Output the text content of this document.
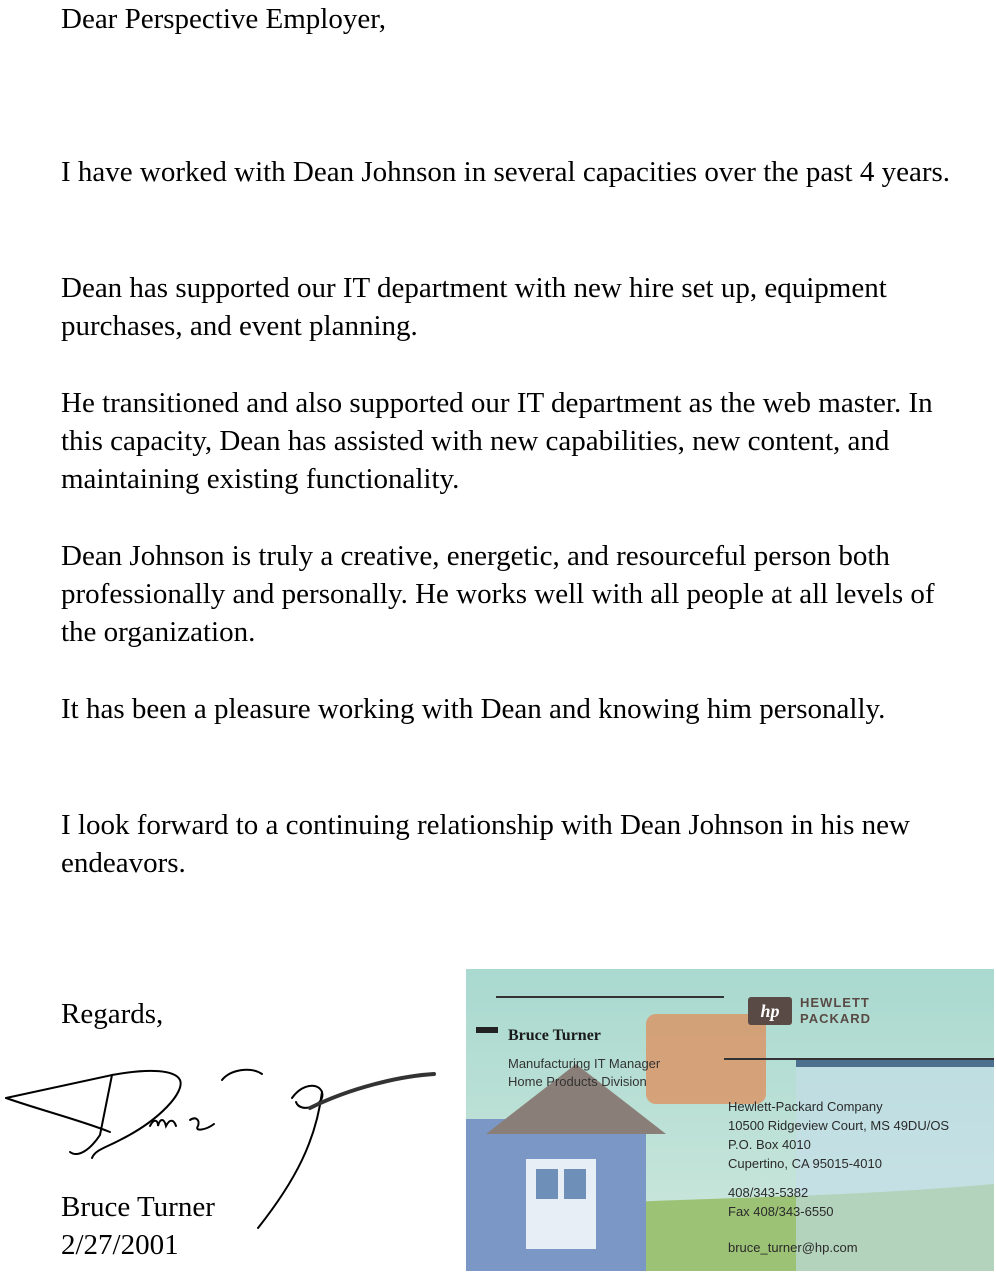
Dear Perspective Employer,

I have worked with Dean Johnson in several capacities over the past 4 years.

Dean has supported our IT department with new hire set up, equipment purchases, and event planning.

He transitioned and also supported our IT department as the web master. In this capacity, Dean has assisted with new capabilities, new content, and maintaining existing functionality.

Dean Johnson is truly a creative, energetic, and resourceful person both professionally and personally. He works well with all people at all levels of the organization.

It has been a pleasure working with Dean and knowing him personally.

I look forward to a continuing relationship with Dean Johnson in his new endeavors.

Regards,

Bruce Turner

2/27/2001

Bruce Turner
Manufacturing IT Manager
Home Products Division
hp	HEWLETT
PACKARD
Hewlett-Packard Company
10500 Ridgeview Court, MS 49DU/OS
P.O. Box 4010
Cupertino, CA 95015-4010
408/343-5382
Fax 408/343-6550
bruce_turner@hp.com
